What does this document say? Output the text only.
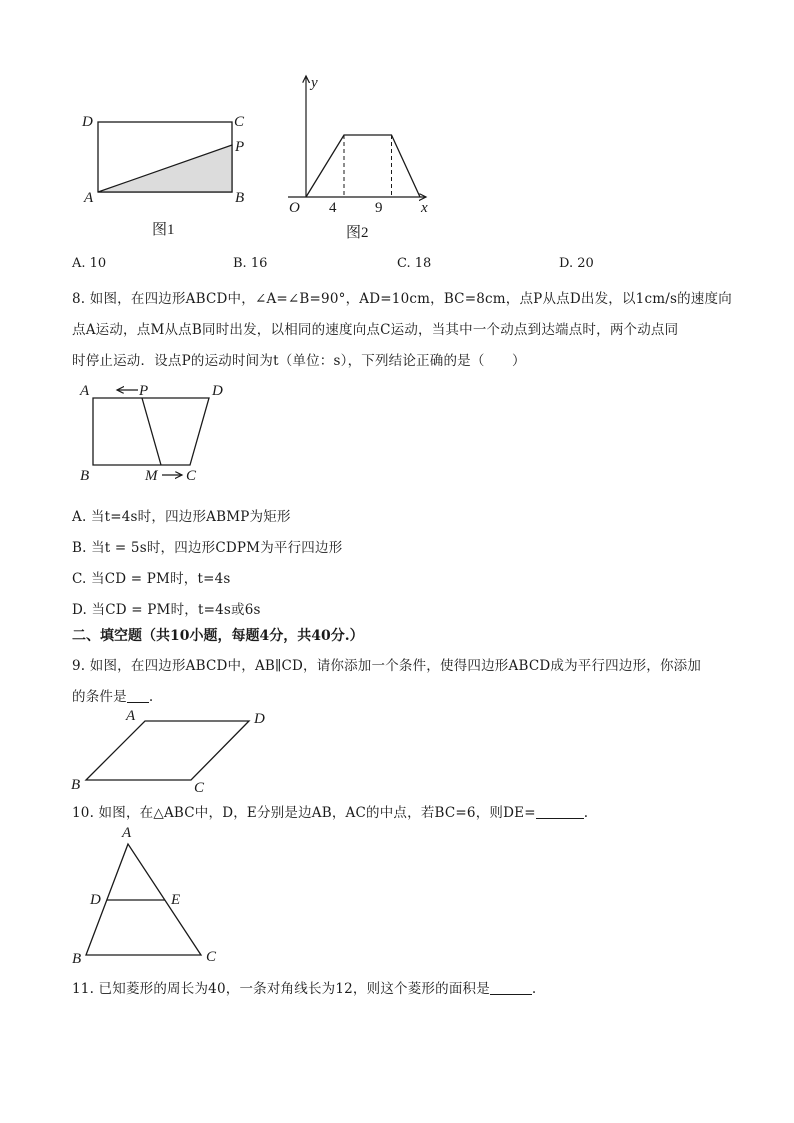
D	C
P
A	B
图1
y
x
O 4	9
图2
A. 10	B. 16	C. 18	D. 20
8. 如图，在四边形ABCD中，∠A=∠B=90°，AD=10cm，BC=8cm，点P从点D出发，以1cm/s的速度向
点A运动，点M从点B同时出发，以相同的速度向点C运动，当其中一个动点到达端点时，两个动点同
时停止运动．设点P的运动时间为t（单位：s），下列结论正确的是（　　）
A	P	D
B	M C
A. 当t=4s时，四边形ABMP为矩形
B. 当t = 5s时，四边形CDPM为平行四边形
C. 当CD = PM时，t=4s
D. 当CD = PM时，t=4s或6s
二、填空题（共10小题，每题4分，共40分.）
9. 如图，在四边形ABCD中，AB∥CD，请你添加一个条件，使得四边形ABCD成为平行四边形，你添加
的条件是 .
A	D
B	C
10. 如图，在△ABC中，D，E分别是边AB，AC的中点，若BC=6，则DE=	.
A
D	E
B	C
11. 已知菱形的周长为40，一条对角线长为12，则这个菱形的面积是	.
